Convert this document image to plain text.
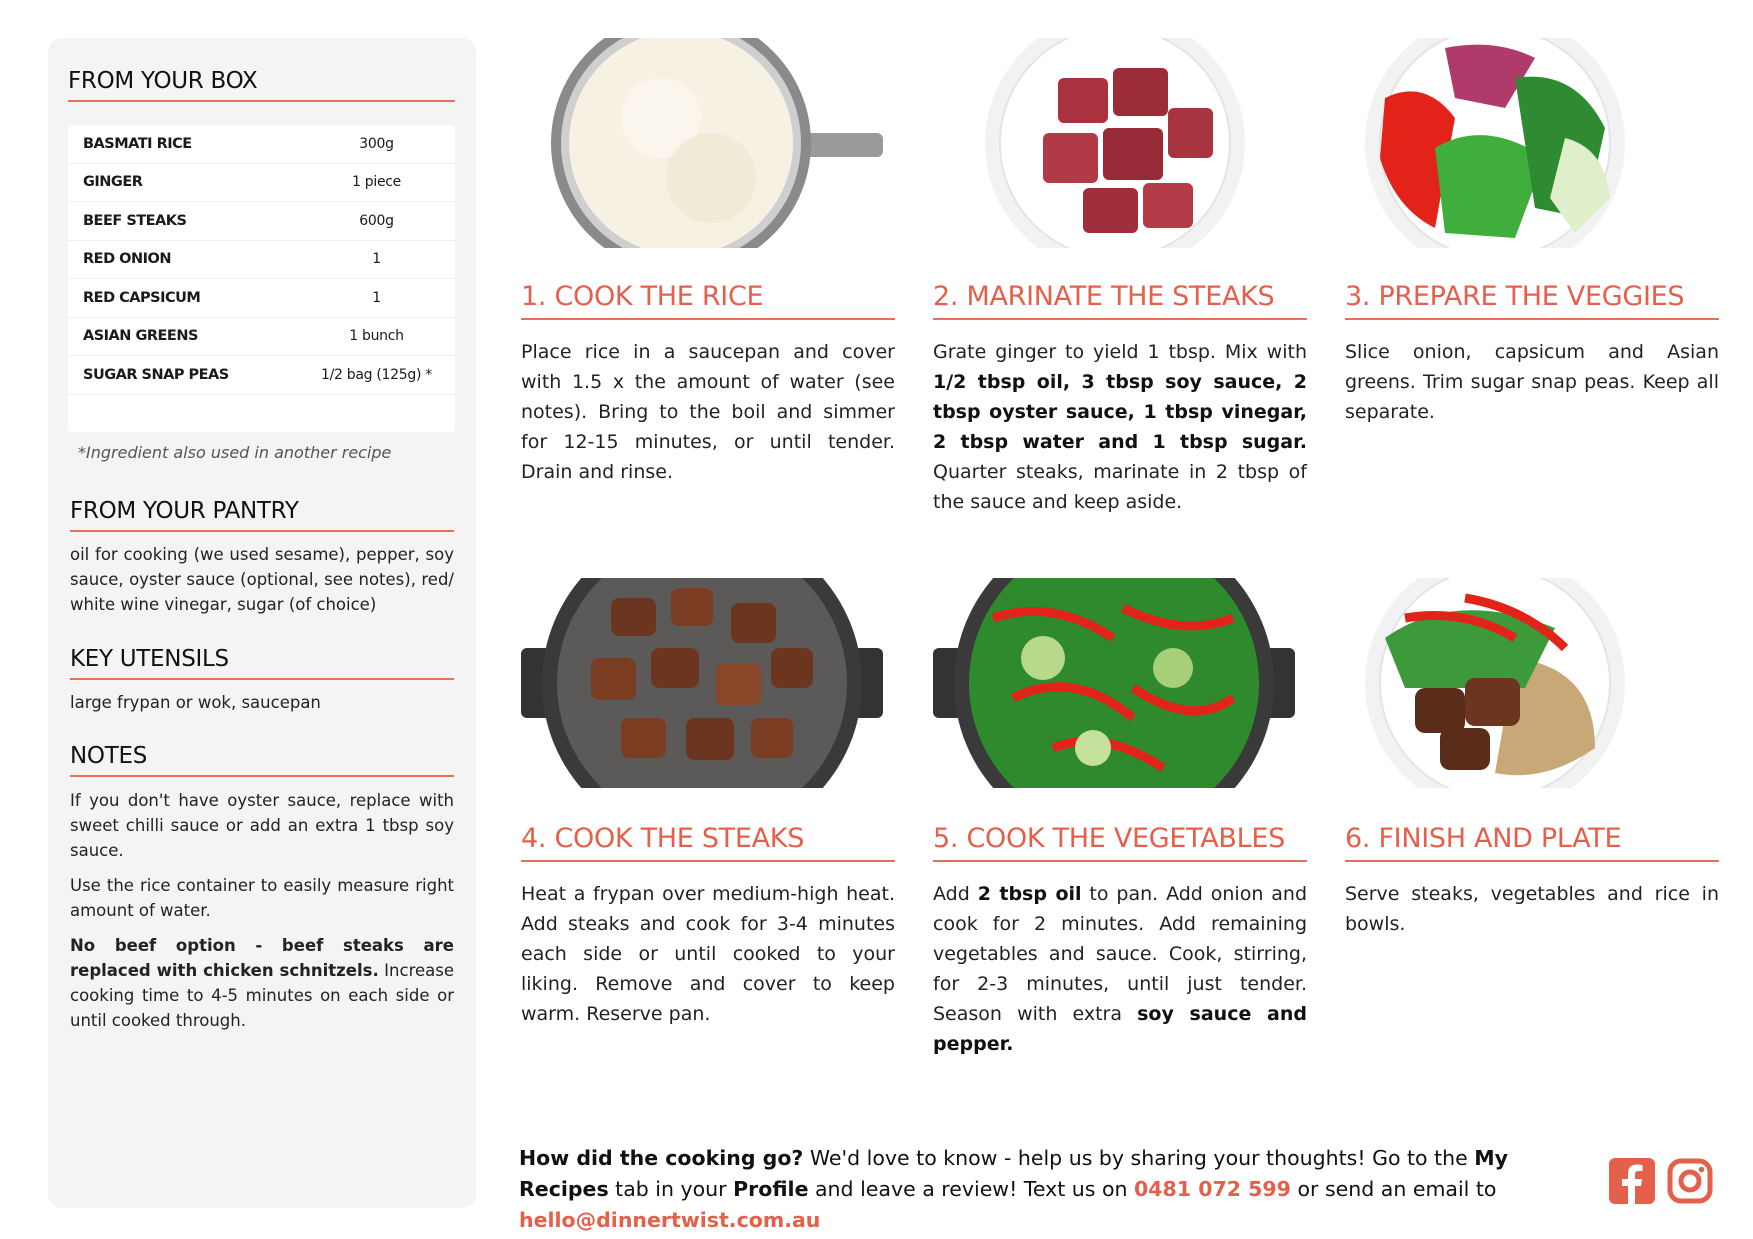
FROM YOUR BOX
BASMATI RICE	300g
GINGER	1 piece
BEEF STEAKS	600g
RED ONION	1
RED CAPSICUM	1
ASIAN GREENS	1 bunch
SUGAR SNAP PEAS	1/2 bag (125g) *
*Ingredient also used in another recipe
FROM YOUR PANTRY
oil for cooking (we used sesame), pepper, soy sauce, oyster sauce (optional, see notes), red/ white wine vinegar, sugar (of choice)
KEY UTENSILS
large frypan or wok, saucepan
NOTES

If you don't have oyster sauce, replace with sweet chilli sauce or add an extra 1 tbsp soy sauce.

Use the rice container to easily measure right amount of water.

No beef option - beef steaks are replaced with chicken schnitzels. Increase cooking time to 4-5 minutes on each side or until cooked through.

1. COOK THE RICE
Place rice in a saucepan and cover with 1.5 x the amount of water (see notes). Bring to the boil and simmer for 12-15 minutes, or until tender. Drain and rinse.
2. MARINATE THE STEAKS
Grate ginger to yield 1 tbsp. Mix with 1/2 tbsp oil, 3 tbsp soy sauce, 2 tbsp oyster sauce, 1 tbsp vinegar, 2 tbsp water and 1 tbsp sugar. Quarter steaks, marinate in 2 tbsp of the sauce and keep aside.
3. PREPARE THE VEGGIES
Slice onion, capsicum and Asian greens. Trim sugar snap peas. Keep all separate.
4. COOK THE STEAKS
Heat a frypan over medium-high heat. Add steaks and cook for 3-4 minutes each side or until cooked to your liking. Remove and cover to keep warm. Reserve pan.
5. COOK THE VEGETABLES
Add 2 tbsp oil to pan. Add onion and cook for 2 minutes. Add remaining vegetables and sauce. Cook, stirring, for 2-3 minutes, until just tender. Season with extra soy sauce and pepper.
6. FINISH AND PLATE
Serve steaks, vegetables and rice in bowls.
How did the cooking go? We'd love to know - help us by sharing your thoughts! Go to the My Recipes tab in your Profile and leave a review! Text us on 0481 072 599 or send an email to hello@dinnertwist.com.au
